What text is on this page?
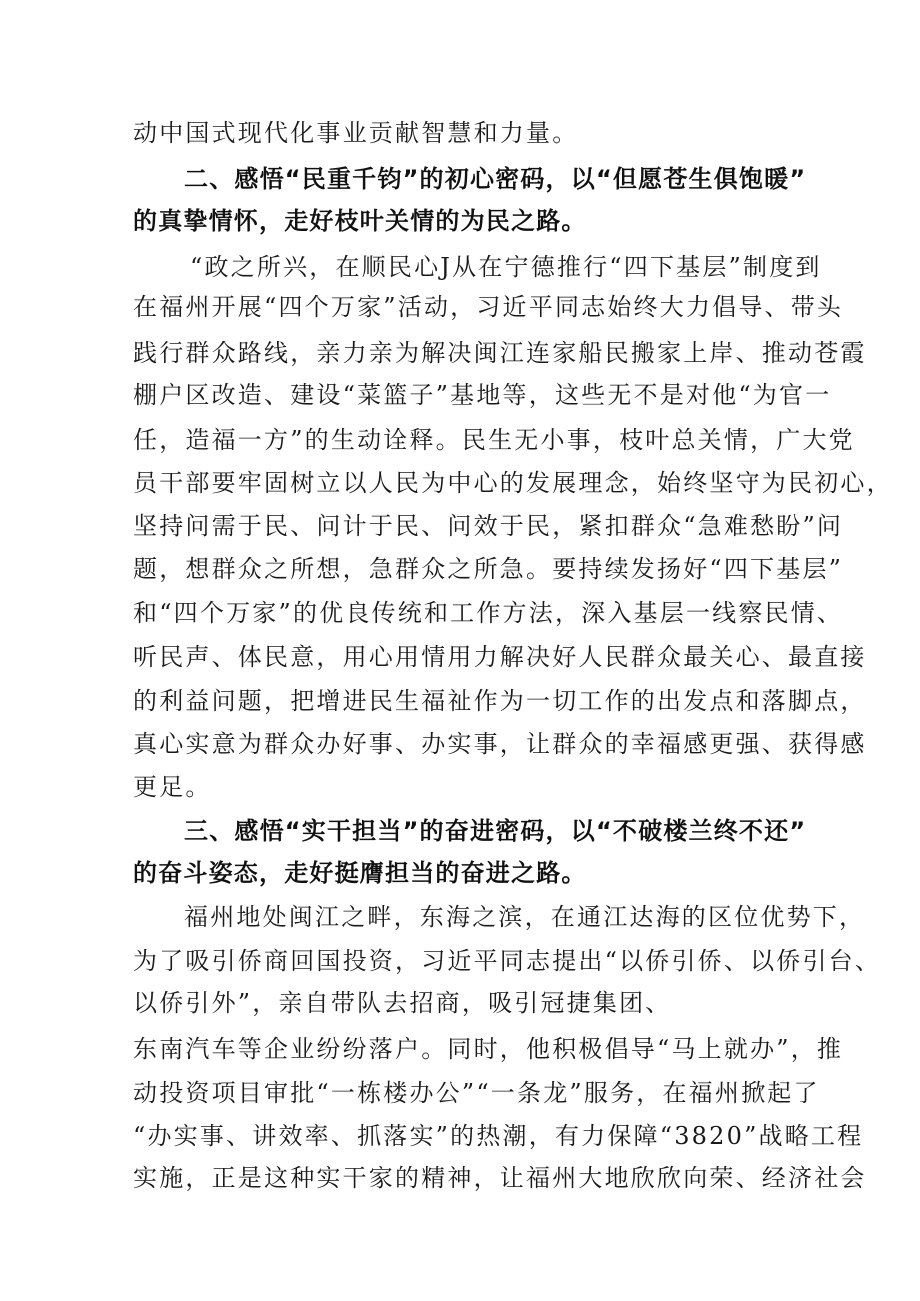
动中国式现代化事业贡献智慧和力量。
二、感悟“民重千钧”的初心密码，以“但愿苍生俱饱暖”
的真挚情怀，走好枝叶关情的为民之路。
“政之所兴，在顺民心J从在宁德推行“四下基层”制度到
在福州开展“四个万家”活动，习近平同志始终大力倡导、带头
践行群众路线，亲力亲为解决闽江连家船民搬家上岸、推动苍霞
棚户区改造、建设“菜篮子”基地等，这些无不是对他“为官一
任，造福一方”的生动诠释。民生无小事，枝叶总关情，广大党
员干部要牢固树立以人民为中心的发展理念，始终坚守为民初心，
坚持问需于民、问计于民、问效于民，紧扣群众“急难愁盼”问
题，想群众之所想，急群众之所急。要持续发扬好“四下基层”
和“四个万家”的优良传统和工作方法，深入基层一线察民情、
听民声、体民意，用心用情用力解决好人民群众最关心、最直接
的利益问题，把增进民生福祉作为一切工作的出发点和落脚点，
真心实意为群众办好事、办实事，让群众的幸福感更强、获得感
更足。
三、感悟“实干担当”的奋进密码，以“不破楼兰终不还”
的奋斗姿态，走好挺膺担当的奋进之路。
福州地处闽江之畔，东海之滨，在通江达海的区位优势下，
为了吸引侨商回国投资，习近平同志提出“以侨引侨、以侨引台、
以侨引外”，亲自带队去招商，吸引冠捷集团、
东南汽车等企业纷纷落户。同时，他积极倡导“马上就办”，推
动投资项目审批“一栋楼办公”“一条龙”服务，在福州掀起了
“办实事、讲效率、抓落实”的热潮，有力保障“3820”战略工程
实施，正是这种实干家的精神，让福州大地欣欣向荣、经济社会
